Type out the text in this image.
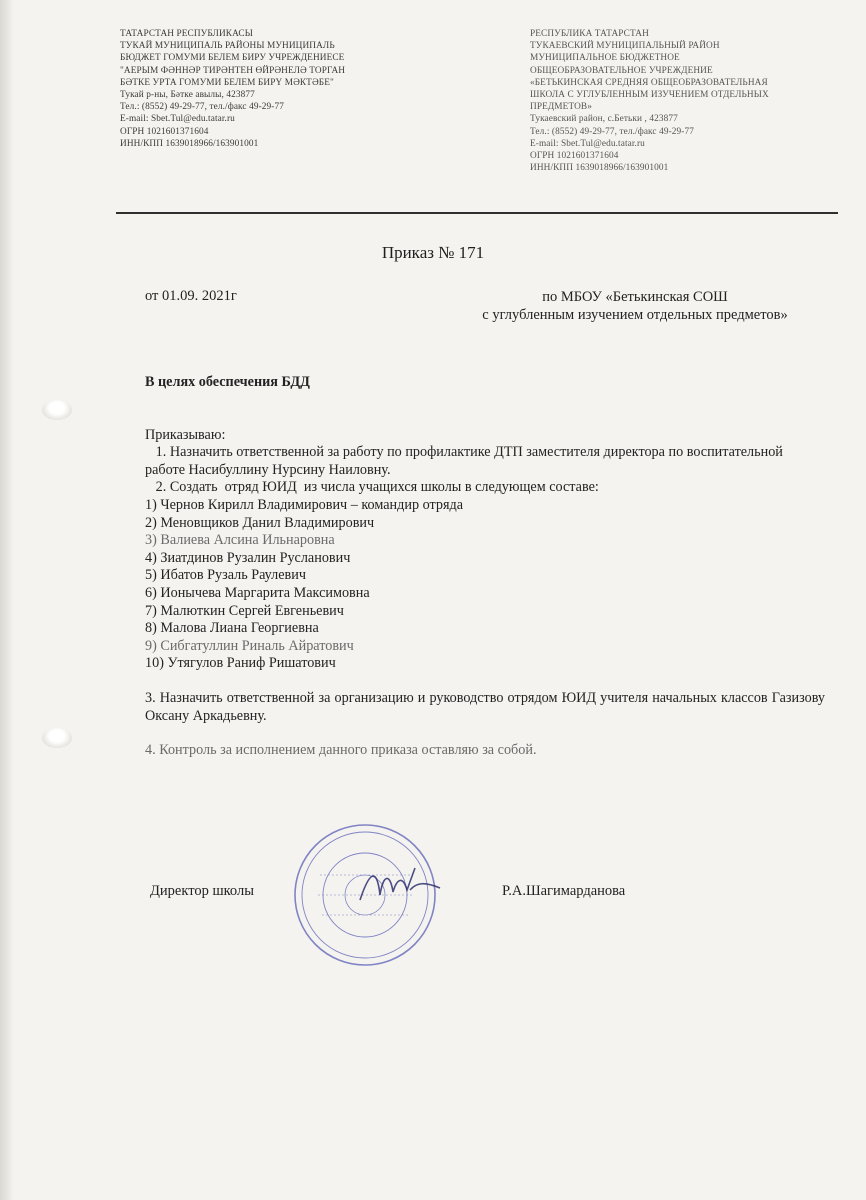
ТАТАРСТАН РЕСПУБЛИКАСЫ
ТУКАЙ МУНИЦИПАЛЬ РАЙОНЫ МУНИЦИПАЛЬ
БЮДЖЕТ ГОМУМИ БЕЛЕМ БИРУ УЧРЕЖДЕНИЕСЕ
"АЕРЫМ ФӘННӘР ТИРӘНТЕН ӨЙРӘНЕЛӘ ТОРГАН
БӘТКЕ УРТА ГОМУМИ БЕЛЕМ БИРҮ МӘКТӘБЕ"
Тукай р-ны, Бәтке авылы, 423877
Тел.: (8552) 49-29-77, тел./факс 49-29-77
E-mail: Sbet.Tul@edu.tatar.ru
ОГРН 1021601371604
ИНН/КПП 1639018966/163901001
РЕСПУБЛИКА ТАТАРСТАН
ТУКАЕВСКИЙ МУНИЦИПАЛЬНЫЙ РАЙОН
МУНИЦИПАЛЬНОЕ БЮДЖЕТНОЕ
ОБЩЕОБРАЗОВАТЕЛЬНОЕ УЧРЕЖДЕНИЕ
«БЕТЬКИНСКАЯ СРЕДНЯЯ ОБЩЕОБРАЗОВАТЕЛЬНАЯ
ШКОЛА С УГЛУБЛЕННЫМ ИЗУЧЕНИЕМ ОТДЕЛЬНЫХ
ПРЕДМЕТОВ»
Тукаевский район, с.Бетьки , 423877
Тел.: (8552) 49-29-77, тел./факс 49-29-77
E-mail: Sbet.Tul@edu.tatar.ru
ОГРН 1021601371604
ИНН/КПП 1639018966/163901001
Приказ № 171
от 01.09. 2021г	по МБОУ «Бетькинская СОШ
с углубленным изучением отдельных предметов»
В целях обеспечения БДД
Приказываю:
1. Назначить ответственной за работу по профилактике ДТП заместителя директора по воспитательной работе Насибуллину Нурсину Наиловну.
2. Создать  отряд ЮИД  из числа учащихся школы в следующем составе:
1) Чернов Кирилл Владимирович – командир отряда
2) Меновщиков Данил Владимирович
3) Валиева Алсина Ильнаровна
4) Зиатдинов Рузалин Русланович
5) Ибатов Рузаль Раулевич
6) Ионычева Маргарита Максимовна
7) Малюткин Сергей Евгеньевич
8) Малова Лиана Георгиевна
9) Сибгатуллин Риналь Айратович
10) Утягулов Раниф Ришатович
3. Назначить ответственной за организацию и руководство отрядом ЮИД учителя начальных классов Газизову Оксану Аркадьевну.
4. Контроль за исполнением данного приказа оставляю за собой.
Директор школы	Р.А.Шагимарданова
